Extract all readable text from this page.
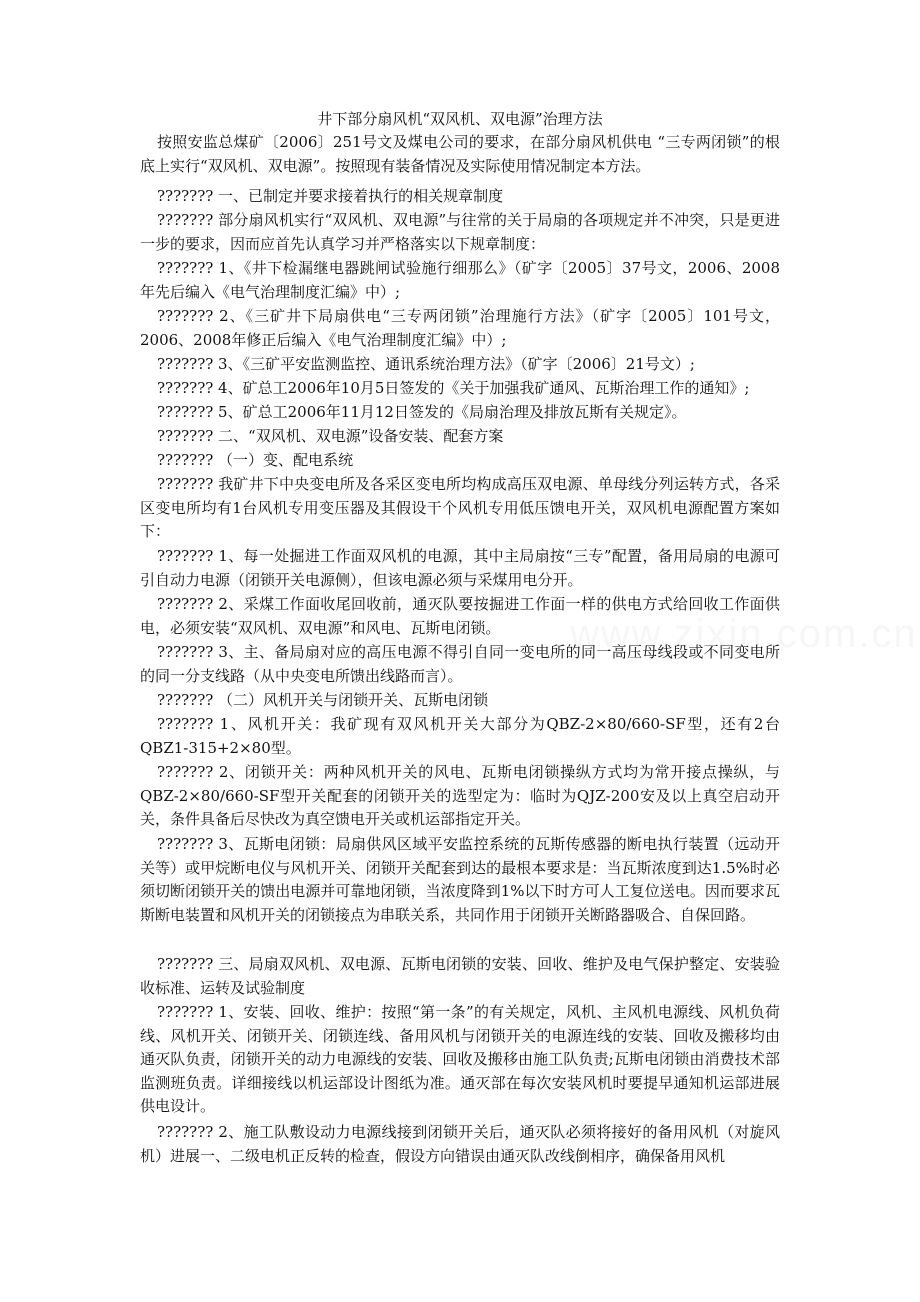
井下部分扇风机“双风机、双电源”治理方法
按照安监总煤矿〔2006〕251号文及煤电公司的要求，在部分扇风机供电 “三专两闭锁”的根底上实行“双风机、双电源”。按照现有装备情况及实际使用情况制定本方法。
??????? 一、已制定并要求接着执行的相关规章制度
??????? 部分扇风机实行“双风机、双电源”与往常的关于局扇的各项规定并不冲突，只是更进一步的要求，因而应首先认真学习并严格落实以下规章制度：
??????? 1、《井下检漏继电器跳闸试验施行细那么》（矿字〔2005〕37号文，2006、2008年先后编入《电气治理制度汇编》中）;
??????? 2、《三矿井下局扇供电“三专两闭锁”治理施行方法》（矿字〔2005〕101号文，2006、2008年修正后编入《电气治理制度汇编》中）;
??????? 3、《三矿平安监测监控、通讯系统治理方法》（矿字〔2006〕21号文）;
??????? 4、矿总工2006年10月5日签发的《关于加强我矿通风、瓦斯治理工作的通知》;
??????? 5、矿总工2006年11月12日签发的《局扇治理及排放瓦斯有关规定》。
??????? 二、“双风机、双电源”设备安装、配套方案
??????? （一）变、配电系统
??????? 我矿井下中央变电所及各采区变电所均构成高压双电源、单母线分列运转方式，各采区变电所均有1台风机专用变压器及其假设干个风机专用低压馈电开关，双风机电源配置方案如下：
??????? 1、每一处掘进工作面双风机的电源，其中主局扇按“三专”配置，备用局扇的电源可引自动力电源（闭锁开关电源侧），但该电源必须与采煤用电分开。
??????? 2、采煤工作面收尾回收前，通灭队要按掘进工作面一样的供电方式给回收工作面供电，必须安装“双风机、双电源”和风电、瓦斯电闭锁。
??????? 3、主、备局扇对应的高压电源不得引自同一变电所的同一高压母线段或不同变电所的同一分支线路（从中央变电所馈出线路而言）。
??????? （二）风机开关与闭锁开关、瓦斯电闭锁
??????? 1、风机开关：我矿现有双风机开关大部分为QBZ-2×80/660-SF型，还有2台QBZ1-315+2×80型。
??????? 2、闭锁开关：两种风机开关的风电、瓦斯电闭锁操纵方式均为常开接点操纵，与QBZ-2×80/660-SF型开关配套的闭锁开关的选型定为：临时为QJZ-200安及以上真空启动开关，条件具备后尽快改为真空馈电开关或机运部指定开关。
??????? 3、瓦斯电闭锁：局扇供风区域平安监控系统的瓦斯传感器的断电执行装置（远动开关等）或甲烷断电仪与风机开关、闭锁开关配套到达的最根本要求是：当瓦斯浓度到达1.5%时必须切断闭锁开关的馈出电源并可靠地闭锁，当浓度降到1%以下时方可人工复位送电。因而要求瓦斯断电装置和风机开关的闭锁接点为串联关系，共同作用于闭锁开关断路器吸合、自保回路。
??????? 三、局扇双风机、双电源、瓦斯电闭锁的安装、回收、维护及电气保护整定、安装验收标准、运转及试验制度
??????? 1、安装、回收、维护：按照“第一条”的有关规定，风机、主风机电源线、风机负荷线、风机开关、闭锁开关、闭锁连线、备用风机与闭锁开关的电源连线的安装、回收及搬移均由通灭队负责，闭锁开关的动力电源线的安装、回收及搬移由施工队负责;瓦斯电闭锁由消费技术部监测班负责。详细接线以机运部设计图纸为准。通灭部在每次安装风机时要提早通知机运部进展供电设计。
??????? 2、施工队敷设动力电源线接到闭锁开关后，通灭队必须将接好的备用风机（对旋风机）进展一、二级电机正反转的检查，假设方向错误由通灭队改线倒相序，确保备用风机
